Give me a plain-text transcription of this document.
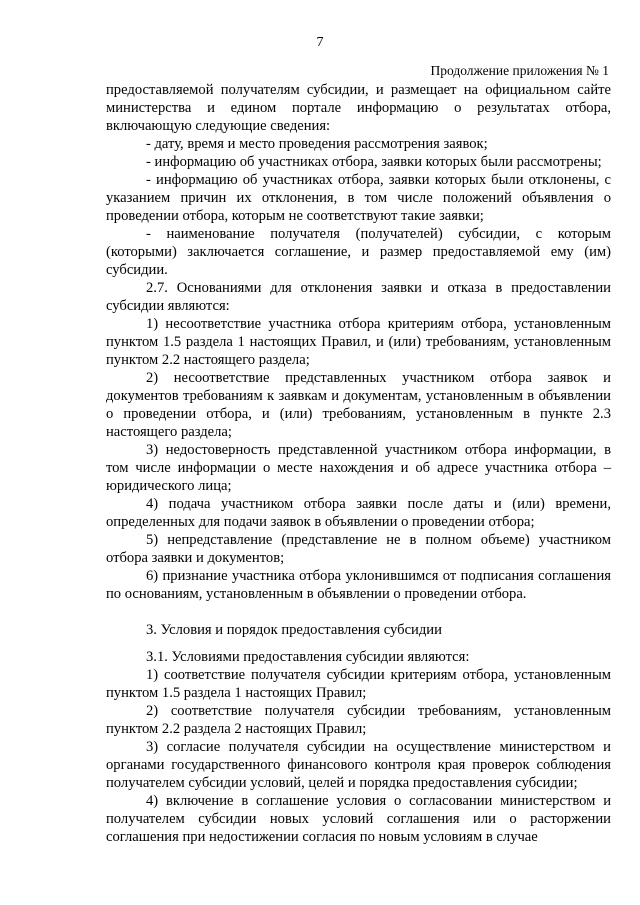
7
Продолжение приложения № 1

предоставляемой получателям субсидии, и размещает на официальном сайте министерства и едином портале информацию о результатах отбора, включающую следующие сведения:

- дату, время и место проведения рассмотрения заявок;

- информацию об участниках отбора, заявки которых были рассмотрены;

- информацию об участниках отбора, заявки которых были отклонены, с указанием причин их отклонения, в том числе положений объявления о проведении отбора, которым не соответствуют такие заявки;

- наименование получателя (получателей) субсидии, с которым (которыми) заключается соглашение, и размер предоставляемой ему (им) субсидии.

2.7. Основаниями для отклонения заявки и отказа в предоставлении субсидии являются:

1) несоответствие участника отбора критериям отбора, установленным пунктом 1.5 раздела 1 настоящих Правил, и (или) требованиям, установленным пунктом 2.2 настоящего раздела;

2) несоответствие представленных участником отбора заявок и документов требованиям к заявкам и документам, установленным в объявлении о проведении отбора, и (или) требованиям, установленным в пункте 2.3 настоящего раздела;

3) недостоверность представленной участником отбора информации, в том числе информации о месте нахождения и об адресе участника отбора – юридического лица;

4) подача участником отбора заявки после даты и (или) времени, определенных для подачи заявок в объявлении о проведении отбора;

5) непредставление (представление не в полном объеме) участником отбора заявки и документов;

6) признание участника отбора уклонившимся от подписания соглашения по основаниям, установленным в объявлении о проведении отбора.

3. Условия и порядок предоставления субсидии

3.1. Условиями предоставления субсидии являются:

1) соответствие получателя субсидии критериям отбора, установленным пунктом 1.5 раздела 1 настоящих Правил;

2) соответствие получателя субсидии требованиям, установленным пунктом 2.2 раздела 2 настоящих Правил;

3) согласие получателя субсидии на осуществление министерством и органами государственного финансового контроля края проверок соблюдения получателем субсидии условий, целей и порядка предоставления субсидии;

4) включение в соглашение условия о согласовании министерством и получателем субсидии новых условий соглашения или о расторжении соглашения при недостижении согласия по новым условиям в случае
